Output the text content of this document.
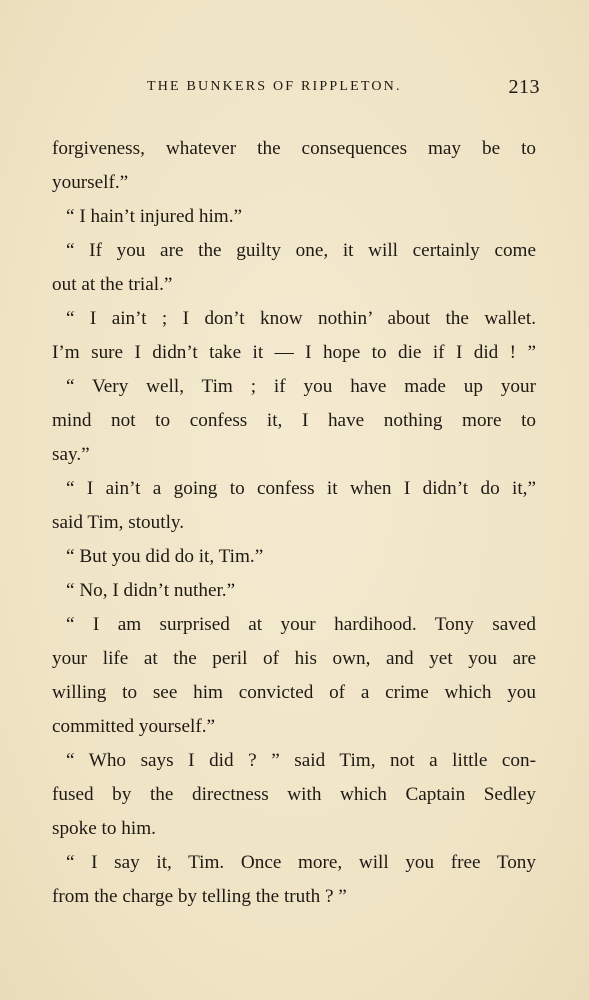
THE BUNKERS OF RIPPLETON.	213
forgiveness, whatever the consequences may be to
yourself.”
“ I hain’t injured him.”
“ If you are the guilty one, it will certainly come
out at the trial.”
“ I ain’t ; I don’t know nothin’ about the wallet.
I’m sure I didn’t take it — I hope to die if I did ! ”
“ Very well, Tim ; if you have made up your
mind not to confess it, I have nothing more to
say.”
“ I ain’t a going to confess it when I didn’t do it,”
said Tim, stoutly.
“ But you did do it, Tim.”
“ No, I didn’t nuther.”
“ I am surprised at your hardihood. Tony saved
your life at the peril of his own, and yet you are
willing to see him convicted of a crime which you
committed yourself.”
“ Who says I did ? ” said Tim, not a little con-
fused by the directness with which Captain Sedley
spoke to him.
“ I say it, Tim. Once more, will you free Tony
from the charge by telling the truth ? ”
